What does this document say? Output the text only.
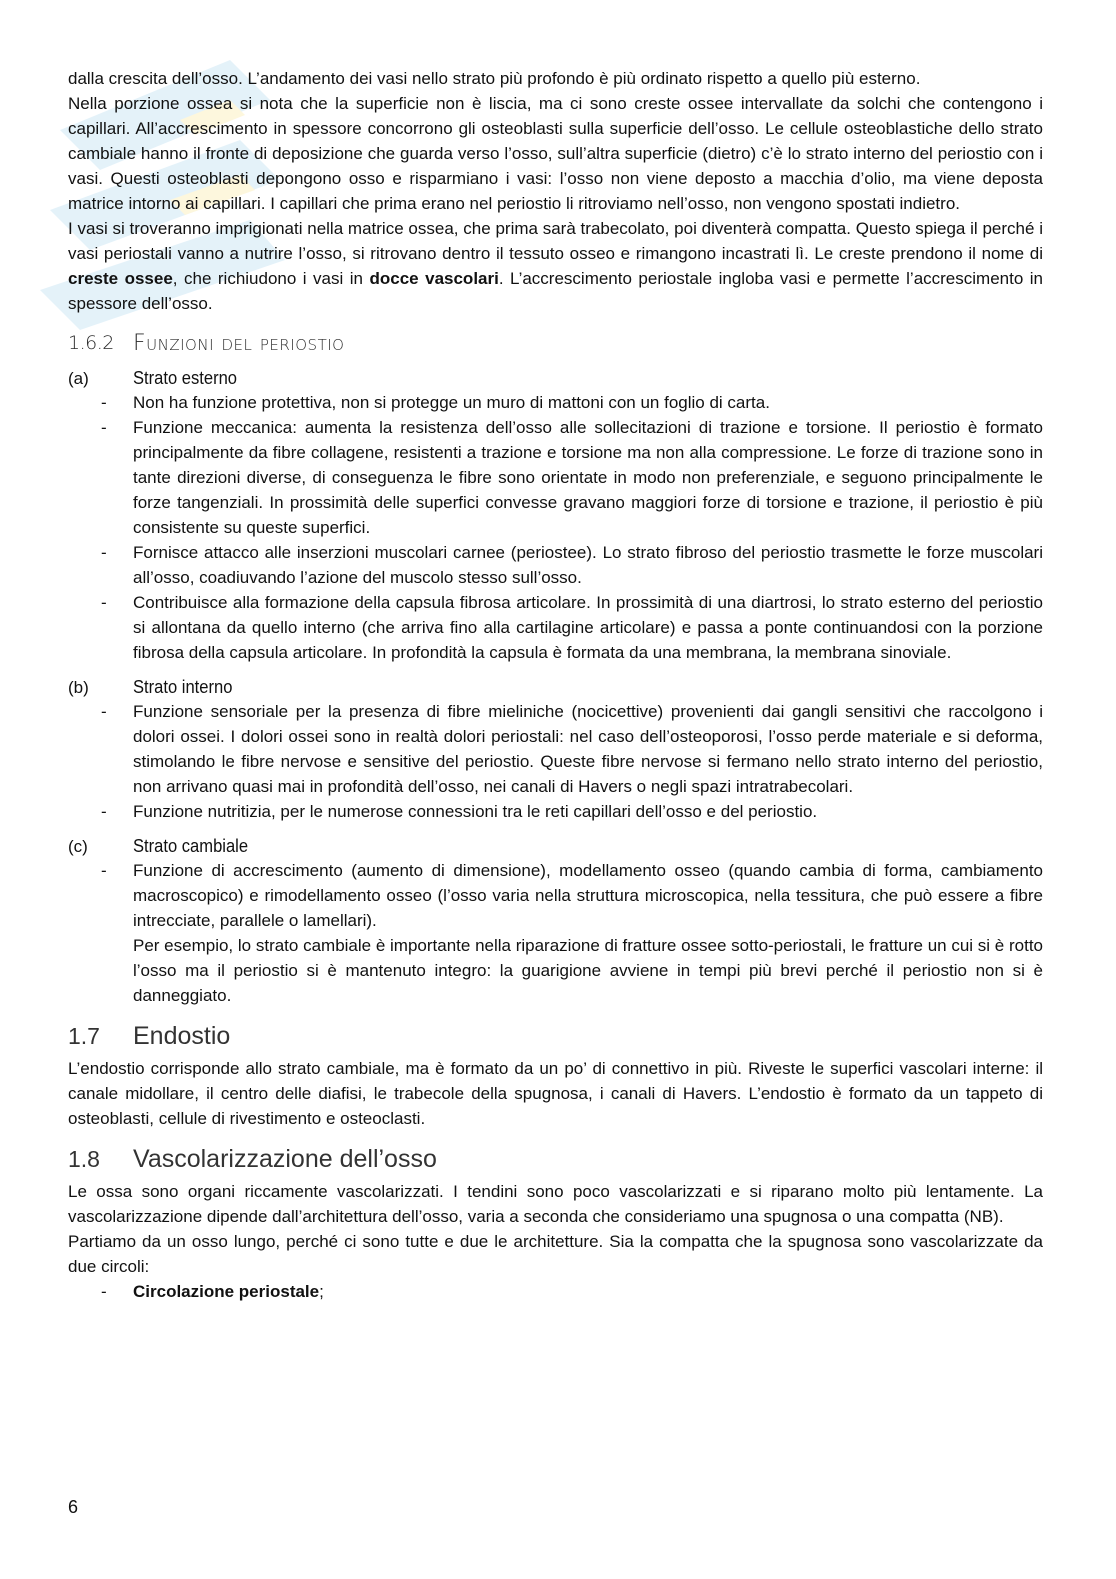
dalla crescita dell’osso. L’andamento dei vasi nello strato più profondo è più ordinato rispetto a quello più esterno.

Nella porzione ossea si nota che la superficie non è liscia, ma ci sono creste ossee intervallate da solchi che contengono i capillari. All’accrescimento in spessore concorrono gli osteoblasti sulla superficie dell’osso. Le cellule osteoblastiche dello strato cambiale hanno il fronte di deposizione che guarda verso l’osso, sull’altra superficie (dietro) c’è lo strato interno del periostio con i vasi. Questi osteoblasti depongono osso e risparmiano i vasi: l’osso non viene deposto a macchia d’olio, ma viene deposta matrice intorno ai capillari. I capillari che prima erano nel periostio li ritroviamo nell’osso, non vengono spostati indietro.

I vasi si troveranno imprigionati nella matrice ossea, che prima sarà trabecolato, poi diventerà compatta. Questo spiega il perché i vasi periostali vanno a nutrire l’osso, si ritrovano dentro il tessuto osseo e rimangono incastrati lì. Le creste prendono il nome di creste ossee, che richiudono i vasi in docce vascolari. L’accrescimento periostale ingloba vasi e permette l’accrescimento in spessore dell’osso.

1.6.2 Funzioni del periostio
(a)	Strato esterno
- Non ha funzione protettiva, non si protegge un muro di mattoni con un foglio di carta.
- Funzione meccanica: aumenta la resistenza dell’osso alle sollecitazioni di trazione e torsione. Il periostio è formato principalmente da fibre collagene, resistenti a trazione e torsione ma non alla compressione. Le forze di trazione sono in tante direzioni diverse, di conseguenza le fibre sono orientate in modo non preferenziale, e seguono principalmente le forze tangenziali. In prossimità delle superfici convesse gravano maggiori forze di torsione e trazione, il periostio è più consistente su queste superfici.
- Fornisce attacco alle inserzioni muscolari carnee (periostee). Lo strato fibroso del periostio trasmette le forze muscolari all’osso, coadiuvando l’azione del muscolo stesso sull’osso.
- Contribuisce alla formazione della capsula fibrosa articolare. In prossimità di una diartrosi, lo strato esterno del periostio si allontana da quello interno (che arriva fino alla cartilagine articolare) e passa a ponte continuandosi con la porzione fibrosa della capsula articolare. In profondità la capsula è formata da una membrana, la membrana sinoviale.
(b)	Strato interno
- Funzione sensoriale per la presenza di fibre mieliniche (nocicettive) provenienti dai gangli sensitivi che raccolgono i dolori ossei. I dolori ossei sono in realtà dolori periostali: nel caso dell’osteoporosi, l’osso perde materiale e si deforma, stimolando le fibre nervose e sensitive del periostio. Queste fibre nervose si fermano nello strato interno del periostio, non arrivano quasi mai in profondità dell’osso, nei canali di Havers o negli spazi intratrabecolari.
- Funzione nutritizia, per le numerose connessioni tra le reti capillari dell’osso e del periostio.
(c)	Strato cambiale
- Funzione di accrescimento (aumento di dimensione), modellamento osseo (quando cambia di forma, cambiamento macroscopico) e rimodellamento osseo (l’osso varia nella struttura microscopica, nella tessitura, che può essere a fibre intrecciate, parallele o lamellari).
Per esempio, lo strato cambiale è importante nella riparazione di fratture ossee sotto-periostali, le fratture un cui si è rotto l’osso ma il periostio si è mantenuto integro: la guarigione avviene in tempi più brevi perché il periostio non si è danneggiato.
1.7	Endostio

L’endostio corrisponde allo strato cambiale, ma è formato da un po’ di connettivo in più. Riveste le superfici vascolari interne: il canale midollare, il centro delle diafisi, le trabecole della spugnosa, i canali di Havers. L’endostio è formato da un tappeto di osteoblasti, cellule di rivestimento e osteoclasti.

1.8	Vascolarizzazione dell’osso

Le ossa sono organi riccamente vascolarizzati. I tendini sono poco vascolarizzati e si riparano molto più lentamente. La vascolarizzazione dipende dall’architettura dell’osso, varia a seconda che consideriamo una spugnosa o una compatta (NB).

Partiamo da un osso lungo, perché ci sono tutte e due le architetture. Sia la compatta che la spugnosa sono vascolarizzate da due circoli:

- Circolazione periostale;
6
